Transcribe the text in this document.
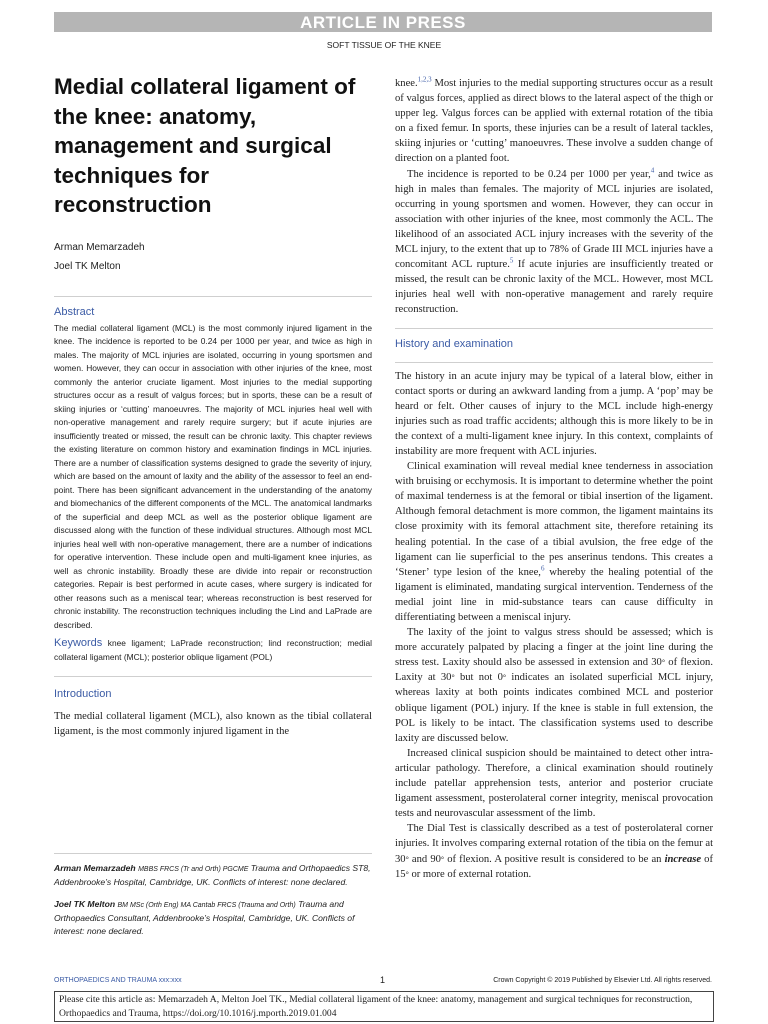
ARTICLE IN PRESS
SOFT TISSUE OF THE KNEE
Medial collateral ligament of the knee: anatomy, management and surgical techniques for reconstruction
Arman Memarzadeh
Joel TK Melton
Abstract

The medial collateral ligament (MCL) is the most commonly injured ligament in the knee. The incidence is reported to be 0.24 per 1000 per year, and twice as high in males. The majority of MCL injuries are isolated, occurring in young sportsmen and women. However, they can occur in association with other injuries of the knee, most commonly the anterior cruciate ligament. Most injuries to the medial supporting structures occur as a result of valgus forces; but in sports, these can be a result of skiing injuries or ‘cutting’ manoeuvres. The majority of MCL injuries heal well with non-operative management and rarely require surgery; but if acute injuries are insufficiently treated or missed, the result can be chronic laxity. This chapter reviews the existing literature on common history and examination findings in MCL injuries. There are a number of classification systems designed to grade the severity of injury, which are based on the amount of laxity and the ability of the assessor to feel an end-point. There has been significant advancement in the understanding of the anatomy and biomechanics of the different components of the MCL. The anatomical landmarks of the superficial and deep MCL as well as the posterior oblique ligament are discussed along with the function of these individual structures. Although most MCL injuries heal well with non-operative management, there are a number of indications for operative intervention. These include open and multi-ligament knee injuries, as well as chronic instability. Broadly these are divide into repair or reconstruction categories. Repair is best performed in acute cases, where surgery is indicated for other reasons such as a meniscal tear; whereas reconstruction is best reserved for chronic instability. The reconstruction techniques including the Lind and LaPrade are described.

Keywords knee ligament; LaPrade reconstruction; lind reconstruction; medial collateral ligament (MCL); posterior oblique ligament (POL)
Introduction

The medial collateral ligament (MCL), also known as the tibial collateral ligament, is the most commonly injured ligament in the

Arman Memarzadeh MBBS FRCS (Tr and Orth) PGCME Trauma and Orthopaedics ST8, Addenbrooke’s Hospital, Cambridge, UK. Conflicts of interest: none declared.

Joel TK Melton BM MSc (Orth Eng) MA Cantab FRCS (Trauma and Orth) Trauma and Orthopaedics Consultant, Addenbrooke’s Hospital, Cambridge, UK. Conflicts of interest: none declared.

knee.$^{1,2,3}$ Most injuries to the medial supporting structures occur as a result of valgus forces, applied as direct blows to the lateral aspect of the thigh or upper leg. Valgus forces can be applied with external rotation of the tibia on a fixed femur. In sports, these injuries can be a result of lateral tackles, skiing injuries or ‘cutting’ manoeuvres. These involve a sudden change of direction on a planted foot.

The incidence is reported to be 0.24 per 1000 per year,$^4$ and twice as high in males than females. The majority of MCL injuries are isolated, occurring in young sportsmen and women. However, they can occur in association with other injuries of the knee, most commonly the ACL. The likelihood of an associated ACL injury increases with the severity of the MCL injury, to the extent that up to 78% of Grade III MCL injuries have a concomitant ACL rupture.$^5$ If acute injuries are insufficiently treated or missed, the result can be chronic laxity of the MCL. However, most MCL injuries heal well with non-operative management and rarely require reconstruction.

History and examination

The history in an acute injury may be typical of a lateral blow, either in contact sports or during an awkward landing from a jump. A ‘pop’ may be heard or felt. Other causes of injury to the MCL include high-energy injuries such as road traffic accidents; although this is more likely to be in the context of a multi-ligament knee injury. In this context, complaints of instability are more frequent with ACL injuries.

Clinical examination will reveal medial knee tenderness in association with bruising or ecchymosis. It is important to determine whether the point of maximal tenderness is at the femoral or tibial insertion of the ligament. Although femoral detachment is more common, the ligament maintains its close proximity with its femoral attachment site, therefore retaining its healing potential. In the case of a tibial avulsion, the free edge of the ligament can lie superficial to the pes anserinus tendons. This creates a ‘Stener’ type lesion of the knee,$^6$ whereby the healing potential of the ligament is eliminated, mandating surgical intervention. Tenderness of the medial joint line in mid-substance tears can cause difficulty in differentiating between a meniscal injury.

The laxity of the joint to valgus stress should be assessed; which is more accurately palpated by placing a finger at the joint line during the stress test. Laxity should also be assessed in extension and 30° of flexion. Laxity at 30° but not 0° indicates an isolated superficial MCL injury, whereas laxity at both points indicates combined MCL and posterior oblique ligament (POL) injury. If the knee is stable in full extension, the POL is likely to be intact. The classification systems used to describe laxity are discussed below.

Increased clinical suspicion should be maintained to detect other intra-articular pathology. Therefore, a clinical examination should routinely include patellar apprehension tests, anterior and posterior cruciate ligament assessment, posterolateral corner integrity, meniscal provocation tests and neurovascular assessment of the limb.

The Dial Test is classically described as a test of posterolateral corner injuries. It involves comparing external rotation of the tibia on the femur at 30° and 90° of flexion. A positive result is considered to be an increase of 15° or more of external rotation.

ORTHOPAEDICS AND TRAUMA xxx:xxx	1	Crown Copyright © 2019 Published by Elsevier Ltd. All rights reserved.
Please cite this article as: Memarzadeh A, Melton Joel TK., Medial collateral ligament of the knee: anatomy, management and surgical techniques for reconstruction, Orthopaedics and Trauma, https://doi.org/10.1016/j.mporth.2019.01.004
